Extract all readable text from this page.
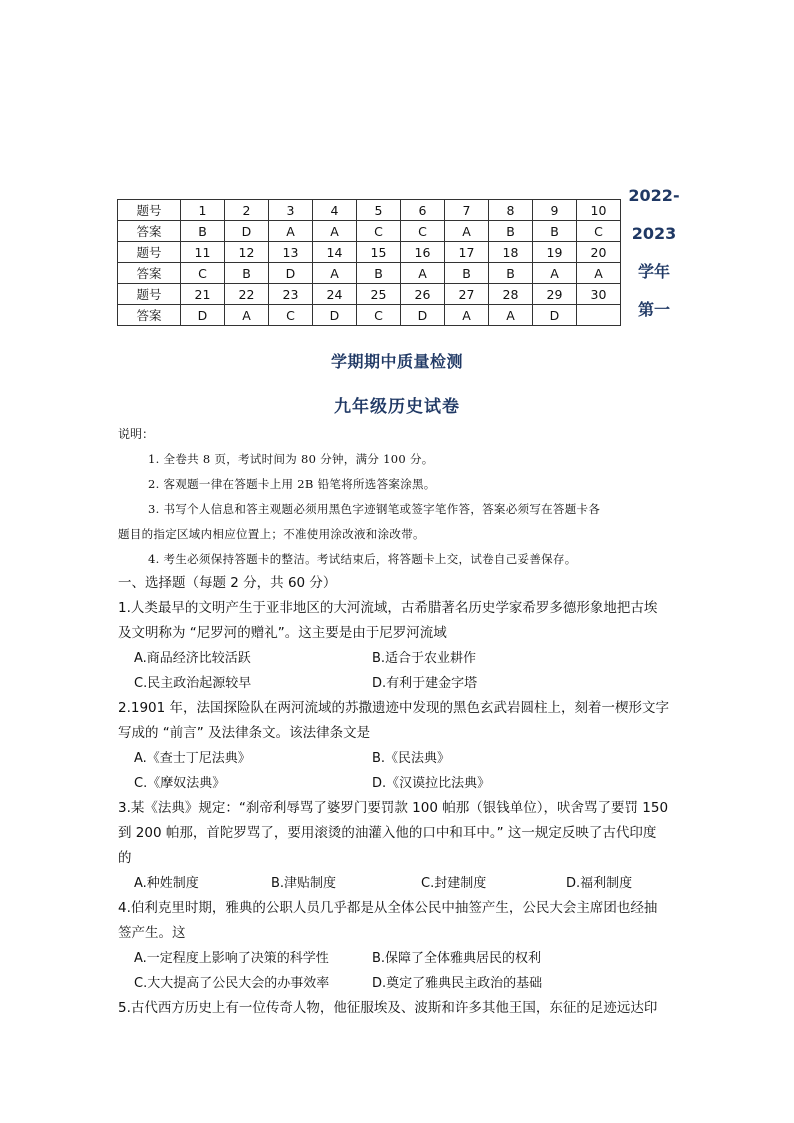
题号	1	2	3	4	5	6	7	8	9	10
答案	B	D	A	A	C	C	A	B	B	C
题号	11	12	13	14	15	16	17	18	19	20
答案	C	B	D	A	B	A	B	B	A	A
题号	21	22	23	24	25	26	27	28	29	30
答案	D	A	C	D	C	D	A	A	D	
2022-
2023
学年
第一
学期期中质量检测
九年级历史试卷
说明：
1. 全卷共 8 页，考试时间为 80 分钟，满分 100 分。
2. 客观题一律在答题卡上用 2B 铅笔将所选答案涂黑。
3. 书写个人信息和答主观题必须用黑色字迹钢笔或签字笔作答，答案必须写在答题卡各
题目的指定区域内相应位置上；不准使用涂改液和涂改带。
4. 考生必须保持答题卡的整洁。考试结束后，将答题卡上交，试卷自己妥善保存。
一、选择题（每题 2 分，共 60 分）
1.人类最早的文明产生于亚非地区的大河流域，古希腊著名历史学家希罗多德形象地把古埃
及文明称为 “尼罗河的赠礼”。这主要是由于尼罗河流域
A.商品经济比较活跃	B.适合于农业耕作
C.民主政治起源较早	D.有利于建金字塔
2.1901 年，法国探险队在两河流域的苏撒遗迹中发现的黑色玄武岩圆柱上，刻着一楔形文字
写成的 “前言” 及法律条文。该法律条文是
A.《查士丁尼法典》	B.《民法典》
C.《摩奴法典》	D.《汉谟拉比法典》
3.某《法典》规定：“刹帝利辱骂了婆罗门要罚款 100 帕那（银钱单位），吠舍骂了要罚 150
到 200 帕那，首陀罗骂了，要用滚烫的油灌入他的口中和耳中。” 这一规定反映了古代印度
的
A.种姓制度	B.津贴制度	C.封建制度	D.福利制度
4.伯利克里时期，雅典的公职人员几乎都是从全体公民中抽签产生，公民大会主席团也经抽
签产生。这
A.一定程度上影响了决策的科学性	B.保障了全体雅典居民的权利
C.大大提高了公民大会的办事效率	D.奠定了雅典民主政治的基础
5.古代西方历史上有一位传奇人物，他征服埃及、波斯和许多其他王国，东征的足迹远达印
